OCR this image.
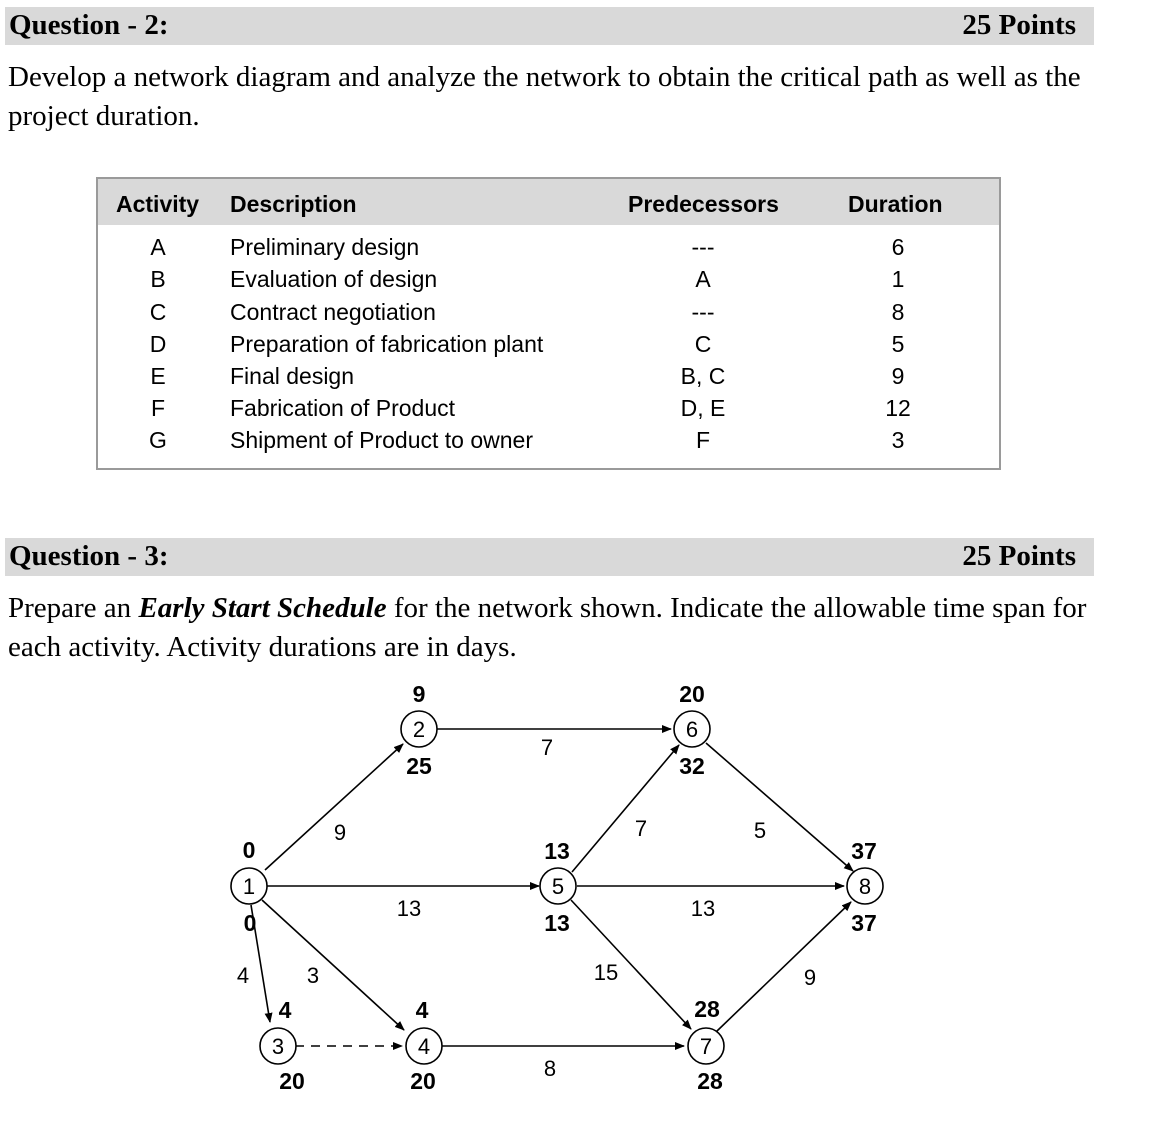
Question - 2:	25 Points

Develop a network diagram and analyze the network to obtain the critical path as well as the project duration.

Activity Description	Predecessors	Duration
A	Preliminary design	---	6
B	Evaluation of design	A	1
C	Contract negotiation	---	8
D	Preparation of fabrication plant	C	5
E	Final design	B, C	9
F	Fabrication of Product	D, E	12
G	Shipment of Product to owner	F	3
Question - 3:	25 Points

Prepare an Early Start Schedule for the network shown. Indicate the allowable time span for each activity. Activity durations are in days.

9
13
4	3
7
7
13
15
8
5
9
1
0
0
2
9
25
3
4
20
4
4
20
5
13
13
6
20
32
7
28
28
8
37
37
